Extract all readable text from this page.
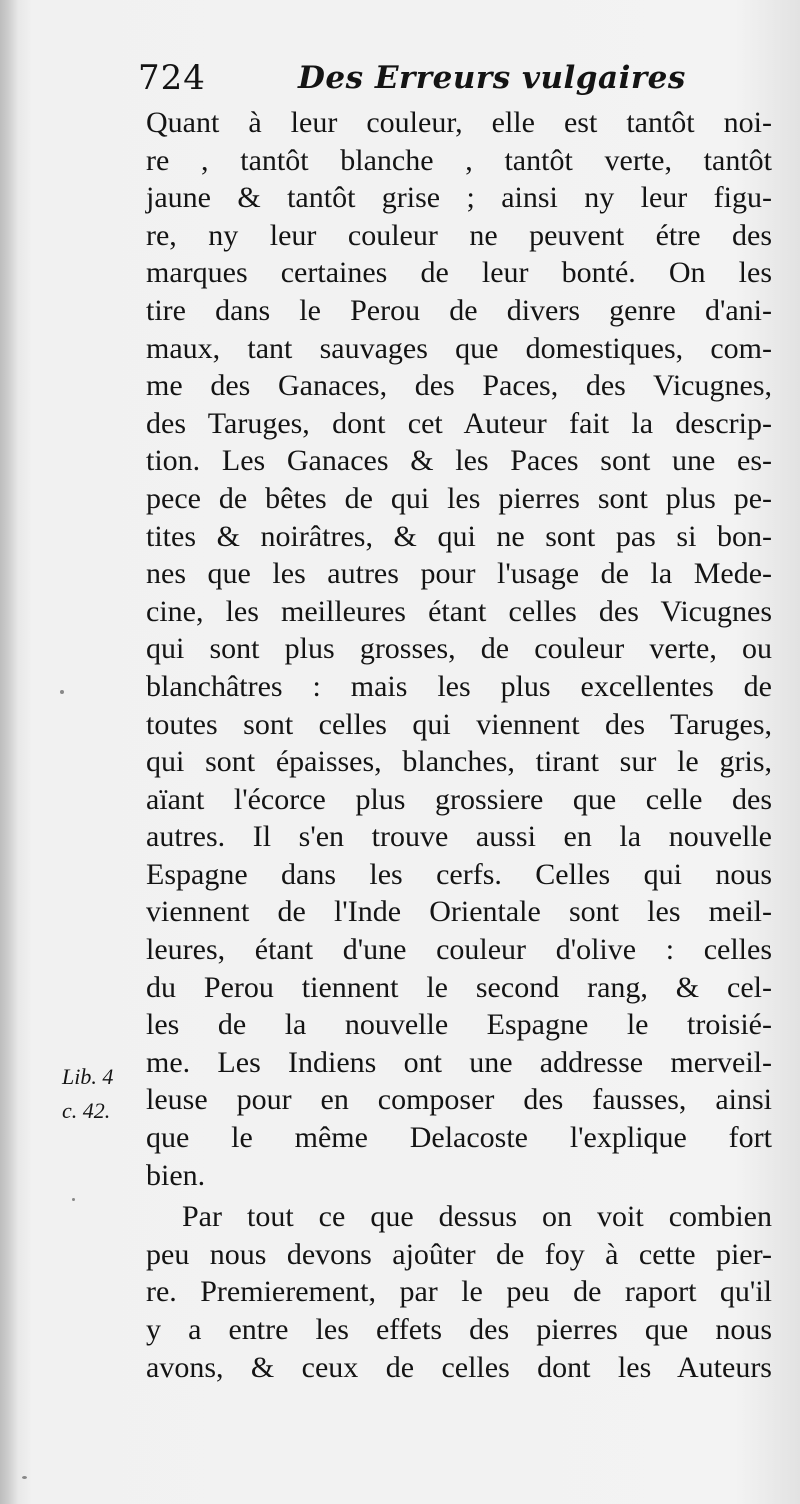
724	Des Erreurs vulgaires
Quant à leur couleur, elle est tantôt noi-
re , tantôt blanche , tantôt verte, tantôt
jaune & tantôt grise ; ainsi ny leur figu-
re, ny leur couleur ne peuvent étre des
marques certaines de leur bonté. On les
tire dans le Perou de divers genre d'ani-
maux, tant sauvages que domestiques, com-
me des Ganaces, des Paces, des Vicugnes,
des Taruges, dont cet Auteur fait la descrip-
tion. Les Ganaces & les Paces sont une es-
pece de bêtes de qui les pierres sont plus pe-
tites & noirâtres, & qui ne sont pas si bon-
nes que les autres pour l'usage de la Mede-
cine, les meilleures étant celles des Vicugnes
qui sont plus grosses, de couleur verte, ou
blanchâtres : mais les plus excellentes de
toutes sont celles qui viennent des Taruges,
qui sont épaisses, blanches, tirant sur le gris,
aïant l'écorce plus grossiere que celle des
autres. Il s'en trouve aussi en la nouvelle
Espagne dans les cerfs. Celles qui nous
viennent de l'Inde Orientale sont les meil-
leures, étant d'une couleur d'olive : celles
du Perou tiennent le second rang, & cel-
les de la nouvelle Espagne le troisié-
me. Les Indiens ont une addresse merveil-
leuse pour en composer des fausses, ainsi
que le même Delacoste l'explique fort
bien.
Par tout ce que dessus on voit combien
peu nous devons ajoûter de foy à cette pier-
re. Premierement, par le peu de raport qu'il
y a entre les effets des pierres que nous
avons, & ceux de celles dont les Auteurs
Lib. 4
c. 42.
